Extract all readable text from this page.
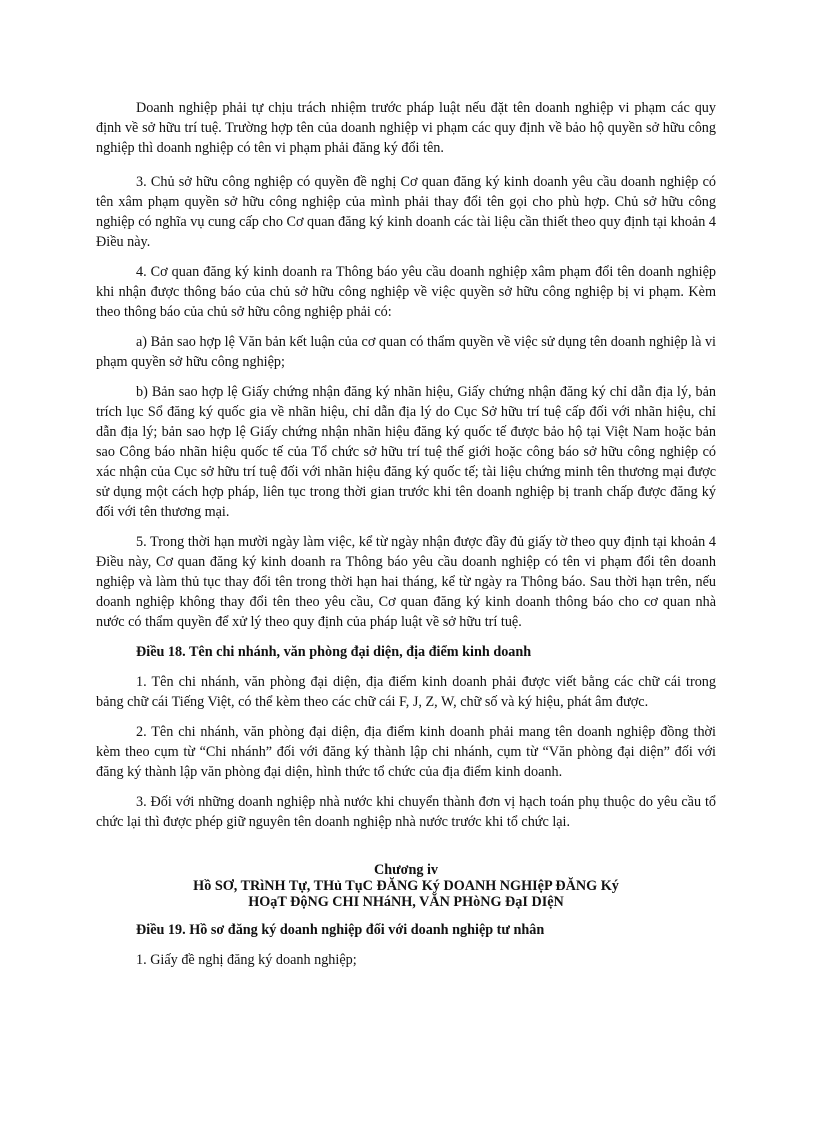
Doanh nghiệp phải tự chịu trách nhiệm trước pháp luật nếu đặt tên doanh nghiệp vi phạm các quy định về sở hữu trí tuệ. Trường hợp tên của doanh nghiệp vi phạm các quy định về bảo hộ quyền sở hữu công nghiệp thì doanh nghiệp có tên vi phạm phải đăng ký đổi tên.

3. Chủ sở hữu công nghiệp có quyền đề nghị Cơ quan đăng ký kinh doanh yêu cầu doanh nghiệp có tên xâm phạm quyền sở hữu công nghiệp của mình phải thay đổi tên gọi cho phù hợp. Chủ sở hữu công nghiệp có nghĩa vụ cung cấp cho Cơ quan đăng ký kinh doanh các tài liệu cần thiết theo quy định tại khoản 4 Điều này.

4. Cơ quan đăng ký kinh doanh ra Thông báo yêu cầu doanh nghiệp xâm phạm đổi tên doanh nghiệp khi nhận được thông báo của chủ sở hữu công nghiệp về việc quyền sở hữu công nghiệp bị vi phạm. Kèm theo thông báo của chủ sở hữu công nghiệp phải có:

a) Bản sao hợp lệ Văn bản kết luận của cơ quan có thẩm quyền về việc sử dụng tên doanh nghiệp là vi phạm quyền sở hữu công nghiệp;

b) Bản sao hợp lệ Giấy chứng nhận đăng ký nhãn hiệu, Giấy chứng nhận đăng ký chỉ dẫn địa lý, bản trích lục Sổ đăng ký quốc gia về nhãn hiệu, chỉ dẫn địa lý do Cục Sở hữu trí tuệ cấp đối với nhãn hiệu, chỉ dẫn địa lý; bản sao hợp lệ Giấy chứng nhận nhãn hiệu đăng ký quốc tế được bảo hộ tại Việt Nam hoặc bản sao Công báo nhãn hiệu quốc tế của Tổ chức sở hữu trí tuệ thế giới hoặc công báo sở hữu công nghiệp có xác nhận của Cục sở hữu trí tuệ đối với nhãn hiệu đăng ký quốc tế; tài liệu chứng minh tên thương mại được sử dụng một cách hợp pháp, liên tục trong thời gian trước khi tên doanh nghiệp bị tranh chấp được đăng ký đối với tên thương mại.

5. Trong thời hạn mười ngày làm việc, kể từ ngày nhận được đầy đủ giấy tờ theo quy định tại khoản 4 Điều này, Cơ quan đăng ký kinh doanh ra Thông báo yêu cầu doanh nghiệp có tên vi phạm đổi tên doanh nghiệp và làm thủ tục thay đổi tên trong thời hạn hai tháng, kể từ ngày ra Thông báo. Sau thời hạn trên, nếu doanh nghiệp không thay đổi tên theo yêu cầu, Cơ quan đăng ký kinh doanh thông báo cho cơ quan nhà nước có thẩm quyền để xử lý theo quy định của pháp luật về sở hữu trí tuệ.

Điều 18. Tên chi nhánh, văn phòng đại diện, địa điểm kinh doanh

1. Tên chi nhánh, văn phòng đại diện, địa điểm kinh doanh phải được viết bằng các chữ cái trong bảng chữ cái Tiếng Việt, có thể kèm theo các chữ cái F, J, Z, W, chữ số và ký hiệu, phát âm được.

2. Tên chi nhánh, văn phòng đại diện, địa điểm kinh doanh phải mang tên doanh nghiệp đồng thời kèm theo cụm từ “Chi nhánh” đối với đăng ký thành lập chi nhánh, cụm từ “Văn phòng đại diện” đối với đăng ký thành lập văn phòng đại diện, hình thức tổ chức của địa điểm kinh doanh.

3. Đối với những doanh nghiệp nhà nước khi chuyển thành đơn vị hạch toán phụ thuộc do yêu cầu tổ chức lại thì được phép giữ nguyên tên doanh nghiệp nhà nước trước khi tổ chức lại.

Chương iv
Hồ SƠ, TRìNH Tự, THủ TụC ĐĂNG Ký DOANH NGHIệP ĐĂNG Ký
HOạT ĐộNG CHI NHáNH, VĂN PHòNG ĐạI DIệN

Điều 19. Hồ sơ đăng ký doanh nghiệp đối với doanh nghiệp tư nhân

1. Giấy đề nghị đăng ký doanh nghiệp;
